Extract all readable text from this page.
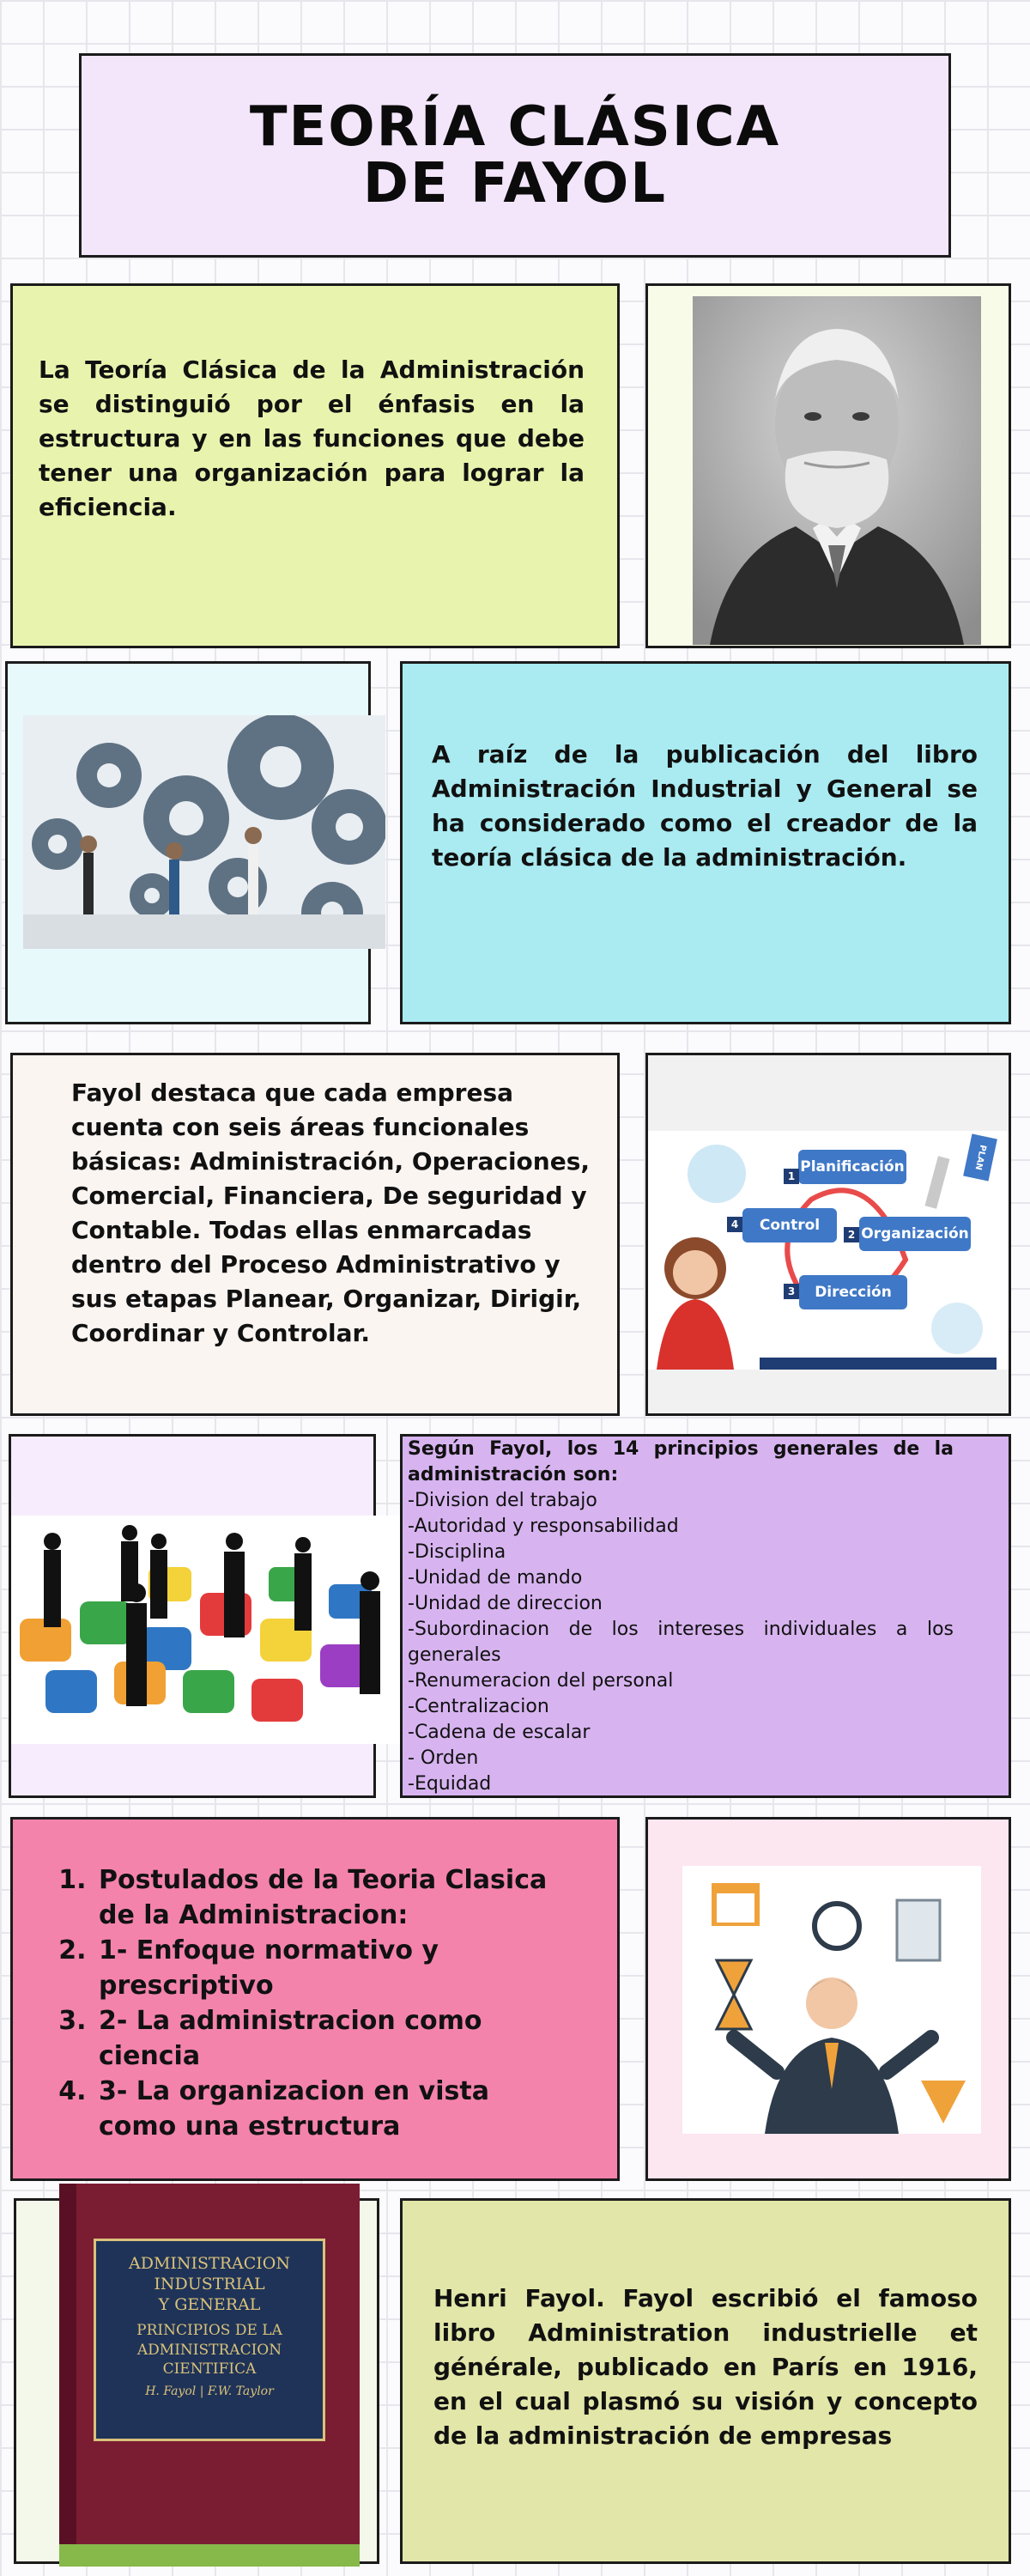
TEORÍA CLÁSICA
DE FAYOL

La Teoría Clásica de la Administración se distinguió por el énfasis en la estructura y en las funciones que debe tener una organización para lograr la eficiencia.

A raíz de la publicación del libro Administración Industrial y General se ha considerado como el creador de la teoría clásica de la administración.

Fayol destaca que cada empresa cuenta con seis áreas funcionales básicas: Administración, Operaciones, Comercial, Financiera, De seguridad y Contable. Todas ellas enmarcadas dentro del Proceso Administrativo y sus etapas Planear, Organizar, Dirigir, Coordinar y Controlar.

Planificación
1
Control
4
Organización
2
Dirección
3
PLAN
Según Fayol, los 14 principios generales de la administración son:
-Division del trabajo
-Autoridad y responsabilidad
-Disciplina
-Unidad de mando
-Unidad de direccion
-Subordinacion de los intereses individuales a los generales
-Renumeracion del personal
-Centralizacion
-Cadena de escalar
- Orden
-Equidad
1. Postulados de la Teoria Clasica de la Administracion:
2. 1- Enfoque normativo y prescriptivo
3. 2- La administracion como ciencia
4. 3- La organizacion en vista como una estructura
ADMINISTRACION
INDUSTRIAL
Y GENERAL
PRINCIPIOS DE LA
ADMINISTRACION
CIENTIFICA
H. Fayol | F.W. Taylor

Henri Fayol. Fayol escribió el famoso libro Administration industrielle et générale, publicado en París en 1916, en el cual plasmó su visión y concepto de la administración de empresas
